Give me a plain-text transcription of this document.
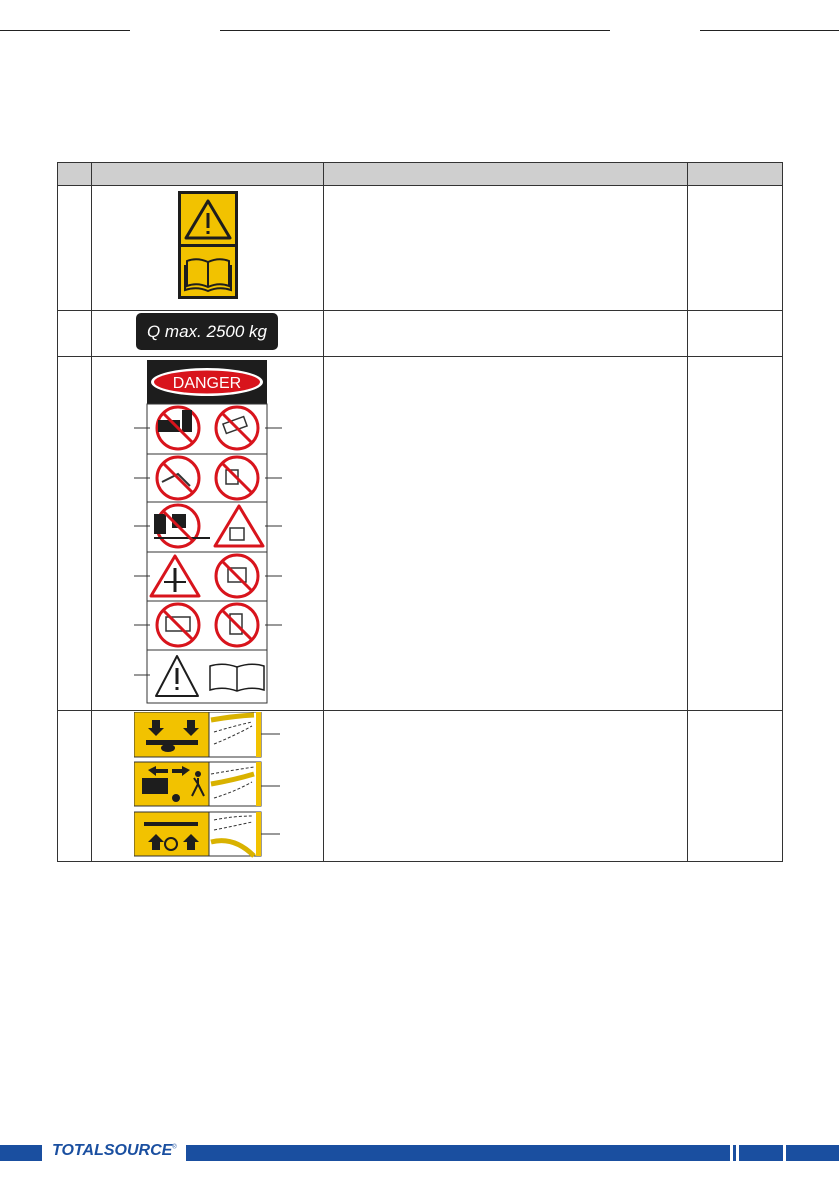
Q max. 2500 kg
DANGER
TOTALSOURCE®
